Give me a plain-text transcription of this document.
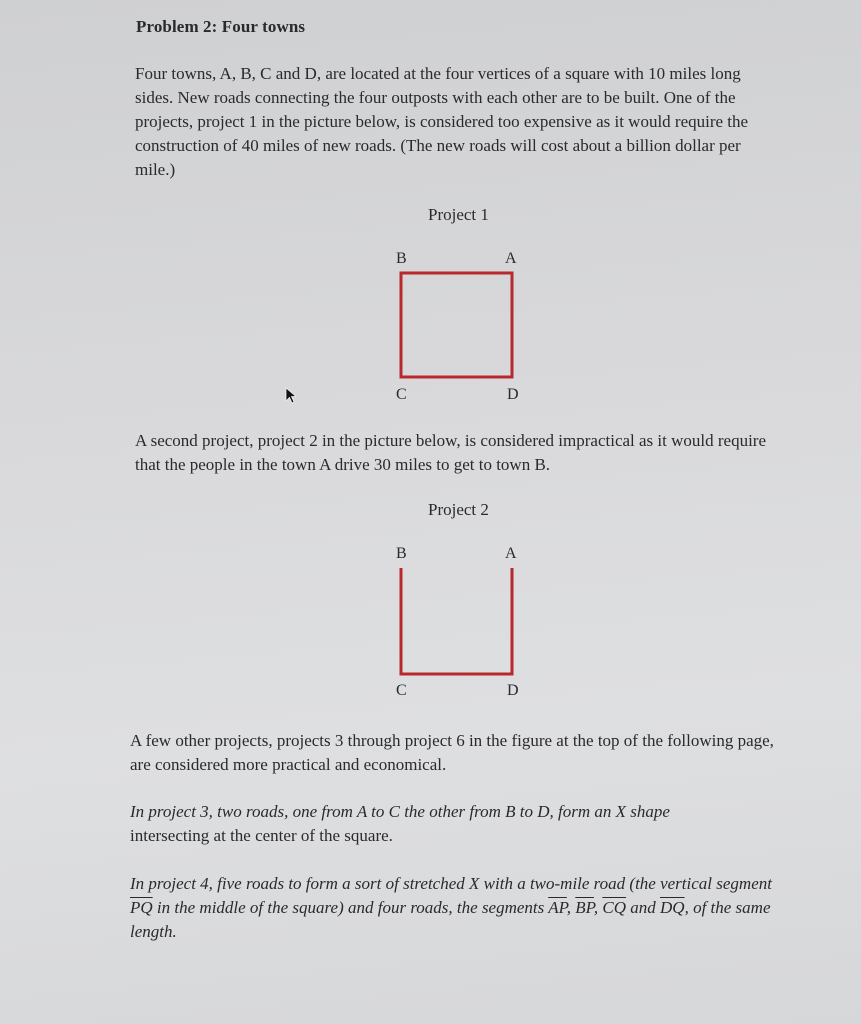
Problem 2: Four towns
Four towns, A, B, C and D, are located at the four vertices of a square with 10 miles long sides. New roads connecting the four outposts with each other are to be built. One of the projects, project 1 in the picture below, is considered too expensive as it would require the construction of 40 miles of new roads. (The new roads will cost about a billion dollar per mile.)
Project 1
B	A
C	D
A second project, project 2 in the picture below, is considered impractical as it would require that the people in the town A drive 30 miles to get to town B.
Project 2
B	A
C	D
A few other projects, projects 3 through project 6 in the figure at the top of the following page, are considered more practical and economical.
In project 3, two roads, one from A to C the other from B to D, form an X shape
intersecting at the center of the square.
In project 4, five roads to form a sort of stretched X with a two-mile road (the vertical segment $\overline{PQ}$ in the middle of the square) and four roads, the segments $\overline{AP}$, $\overline{BP}$, $\overline{CQ}$ and $\overline{DQ}$, of the same length.
